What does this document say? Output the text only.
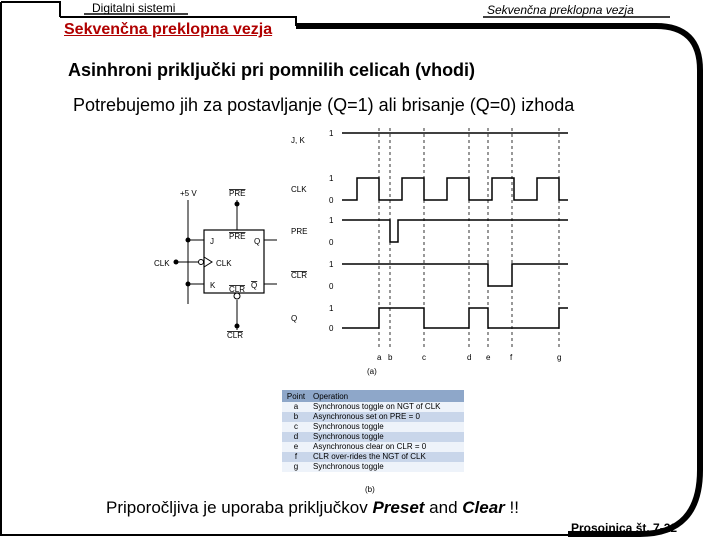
Digitalni sistemi	Sekvenčna preklopna vezja
Sekvenčna preklopna vezja
Asinhroni priključki pri pomnilih celicah (vhodi)
Potrebujemo jih za postavljanje (Q=1) ali brisanje (Q=0) izhoda
+5 V	PRE
CLK
CLR
J
PRE
Q
CLK
K CLR Q
J, K
1
CLK
1
0
PRE
1
0
CLR
1
0
Q
1
0
a b	c	d e f	g
(a)
Point	Operation
a	Synchronous toggle on NGT of CLK
b	Asynchronous set on PRE = 0
c	Synchronous toggle
d	Synchronous toggle
e	Asynchronous clear on CLR = 0
f	CLR over-rides the NGT of CLK
g	Synchronous toggle
(b)
Priporočljiva je uporaba priključkov Preset and Clear !!
Prosojnica št. 7-22
